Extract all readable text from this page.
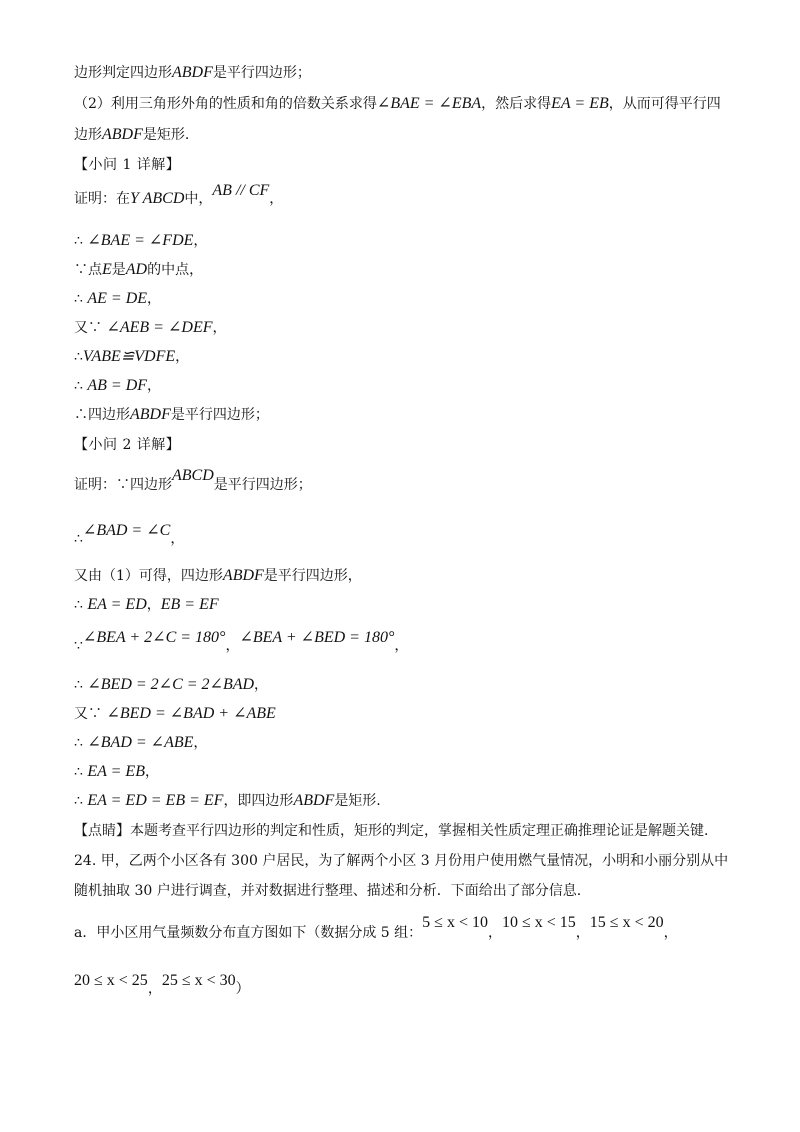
边形判定四边形ABDF是平行四边形；
（2）利用三角形外角的性质和角的倍数关系求得∠BAE = ∠EBA，然后求得EA = EB，从而可得平行四
边形ABDF是矩形.
【小问 1 详解】
证明：在Y ABCD中，AB // CF，
∴ ∠BAE = ∠FDE，
∵点E是AD的中点，
∴ AE = DE，
又∵ ∠AEB = ∠DEF，
∴VABE≌VDFE，
∴ AB = DF，
∴四边形ABDF是平行四边形；
【小问 2 详解】
证明：∵四边形ABCD是平行四边形；
∴∠BAD = ∠C，
又由（1）可得，四边形ABDF是平行四边形，
∴ EA = ED，EB = EF
∵∠BEA + 2∠C = 180°，∠BEA + ∠BED = 180°，
∴ ∠BED = 2∠C = 2∠BAD，
又∵ ∠BED = ∠BAD + ∠ABE
∴ ∠BAD = ∠ABE，
∴ EA = EB，
∴ EA = ED = EB = EF，即四边形ABDF是矩形.
【点睛】本题考查平行四边形的判定和性质，矩形的判定，掌握相关性质定理正确推理论证是解题关键.
24. 甲，乙两个小区各有 300 户居民，为了解两个小区 3 月份用户使用燃气量情况，小明和小丽分别从中
随机抽取 30 户进行调查，并对数据进行整理、描述和分析．下面给出了部分信息.
a．甲小区用气量频数分布直方图如下（数据分成 5 组：5 ≤ x < 10，10 ≤ x < 15，15 ≤ x < 20，
20 ≤ x < 25，25 ≤ x < 30）
